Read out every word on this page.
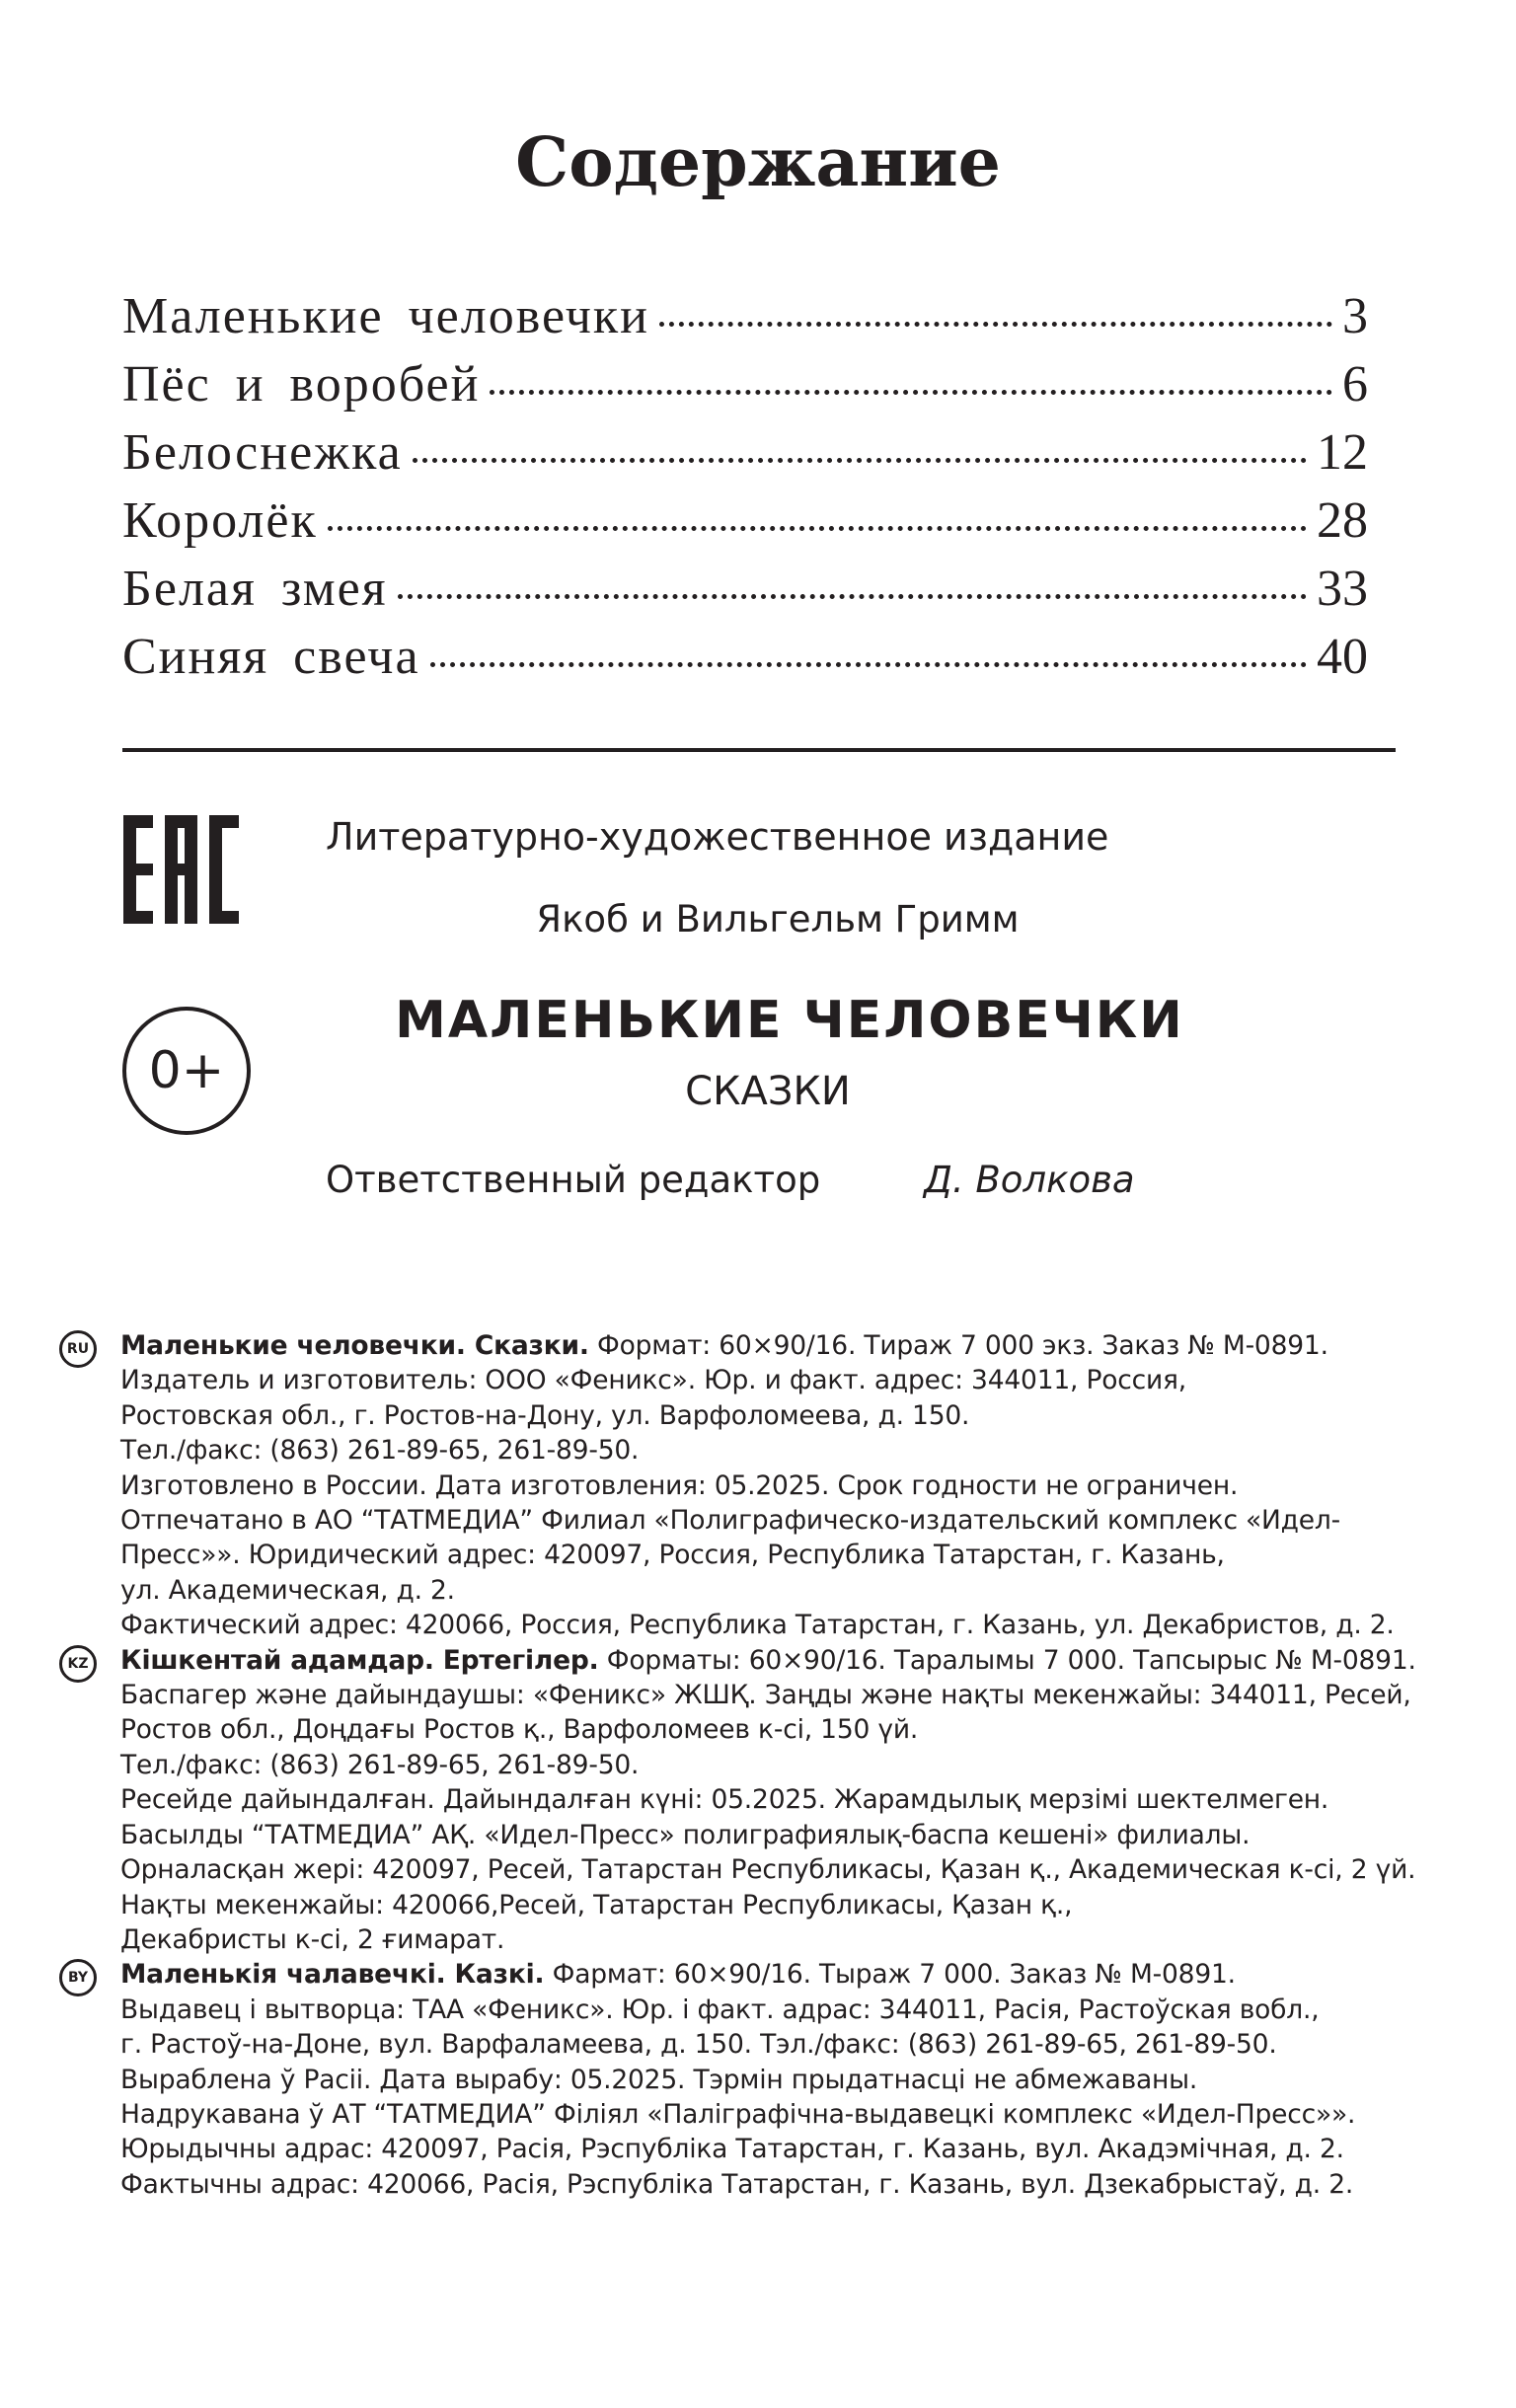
Содержание
Маленькие человечки	3
Пёс и воробей	6
Белоснежка	12
Королёк	28
Белая змея	33
Синяя свеча	40
0+
Литературно-художественное издание
Якоб и Вильгельм Гримм
МАЛЕНЬКИЕ ЧЕЛОВЕЧКИ
СКАЗКИ
Ответственный редактор	Д. Волкова
RU Маленькие человечки. Сказки. Формат: 60×90/16. Тираж 7 000 экз. Заказ № М-0891.
Издатель и изготовитель: ООО «Феникс». Юр. и факт. адрес: 344011, Россия,
Ростовская обл., г. Ростов-на-Дону, ул. Варфоломеева, д. 150.
Тел./факс: (863) 261-89-65, 261-89-50.
Изготовлено в России. Дата изготовления: 05.2025. Срок годности не ограничен.
Отпечатано в АО “ТАТМЕДИА” Филиал «Полиграфическо-издательский комплекс «Идел-
Пресс»». Юридический адрес: 420097, Россия, Республика Татарстан, г. Казань,
ул. Академическая, д. 2.
Фактический адрес: 420066, Россия, Республика Татарстан, г. Казань, ул. Декабристов, д. 2.
KZ	Кішкентай адамдар. Ертегілер. Форматы: 60×90/16. Таралымы 7 000. Тапсырыс № М-0891.
Баспагер және дайындаушы: «Феникс» ЖШҚ. Заңды және нақты мекенжайы: 344011, Ресей,
Ростов обл., Доңдағы Ростов қ., Варфоломеев к-сі, 150 үй.
Тел./факс: (863) 261-89-65, 261-89-50.
Ресейде дайындалған. Дайындалған күні: 05.2025. Жарамдылық мерзімі шектелмеген.
Басылды “ТАТМЕДИА” АҚ. «Идел-Пресс» полиграфиялық-баспа кешені» филиалы.
Орналасқан жері: 420097, Ресей, Татарстан Республикасы, Қазан қ., Академическая к-сі, 2 үй.
Нақты мекенжайы: 420066,Ресей, Татарстан Республикасы, Қазан қ.,
Декабристы к-сі, 2 ғимарат.
BY	Маленькія чалавечкі. Казкі. Фармат: 60×90/16. Тыраж 7 000. Заказ № М-0891.
Выдавец і вытворца: ТАА «Феникс». Юр. і факт. адрас: 344011, Расія, Растоўская вобл.,
г. Растоў-на-Доне, вул. Варфаламеева, д. 150. Тэл./факс: (863) 261-89-65, 261-89-50.
Выраблена ў Расіі. Дата вырабу: 05.2025. Тэрмін прыдатнасці не абмежаваны.
Надрукавана ў АТ “ТАТМЕДИА” Філіял «Паліграфічна-выдавецкі комплекс «Идел-Пресс»».
Юрыдычны адрас: 420097, Расія, Рэспубліка Татарстан, г. Казань, вул. Акадэмічная, д. 2.
Фактычны адрас: 420066, Расія, Рэспубліка Татарстан, г. Казань, вул. Дзекабрыстаў, д. 2.
